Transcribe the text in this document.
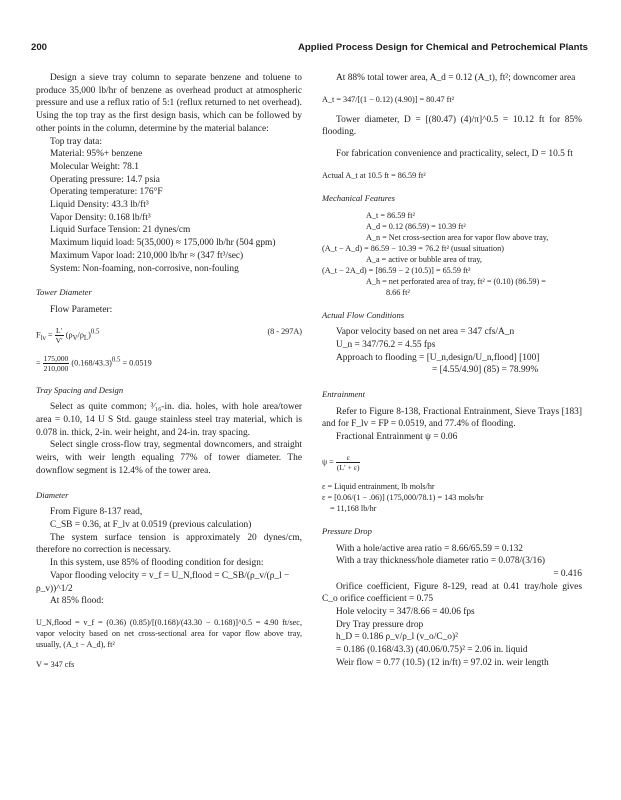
200	Applied Process Design for Chemical and Petrochemical Plants

Design a sieve tray column to separate benzene and toluene to produce 35,000 lb/hr of benzene as overhead product at atmospheric pressure and use a reflux ratio of 5:1 (reflux returned to net overhead). Using the top tray as the first design basis, which can be followed by other points in the column, determine by the material balance:

Top tray data:

Material: 95%+ benzene

Molecular Weight: 78.1

Operating pressure: 14.7 psia

Operating temperature: 176°F

Liquid Density: 43.3 lb/ft³

Vapor Density: 0.168 lb/ft³

Liquid Surface Tension: 21 dynes/cm

Maximum liquid load: 5(35,000) ≈ 175,000 lb/hr (504 gpm)

Maximum Vapor load: 210,000 lb/hr ≈ (347 ft³/sec)

System: Non-foaming, non-corrosive, non-fouling

Tower Diameter

Flow Parameter:

$F_{lv} = \frac{L'}{V'} (\rho_V/\rho_L)^{0.5}$	(8 - 297A)
= $\frac{175,000}{210,000} (0.168/43.3)^{0.5} = 0.0519$

Tray Spacing and Design

Select as quite common; ³⁄₁₆-in. dia. holes, with hole area/tower area = 0.10, 14 U S Std. gauge stainless steel tray material, which is 0.078 in. thick, 2-in. weir height, and 24-in. tray spacing.

Select single cross-flow tray, segmental downcomers, and straight weirs, with weir length equaling 77% of tower diameter. The downflow segment is 12.4% of the tower area.

Diameter

From Figure 8-137 read,

C_SB = 0.36, at F_lv at 0.0519 (previous calculation)

The system surface tension is approximately 20 dynes/cm, therefore no correction is necessary.

In this system, use 85% of flooding condition for design:

Vapor flooding velocity = v_f = U_N,flood = C_SB/(ρ_v/(ρ_l − ρ_v))^1/2

At 85% flood:

U_N,flood = v_f = (0.36) (0.85)/[(0.168)/(43.30 − 0.168)]^0.5 = 4.90 ft/sec, vapor velocity based on net cross-sectional area for vapor flow above tray, usually, (A_t − A_d), ft²

V = 347 cfs

At 88% total tower area, A_d = 0.12 (A_t), ft²; downcomer area

A_t = 347/[(1 − 0.12) (4.90)] = 80.47 ft²

Tower diameter, D = [(80.47) (4)/π]^0.5 = 10.12 ft for 85% flooding.

For fabrication convenience and practicality, select, D = 10.5 ft

Actual A_t at 10.5 ft = 86.59 ft²

Mechanical Features

A_t = 86.59 ft²

A_d = 0.12 (86.59) = 10.39 ft²

A_n = Net cross-section area for vapor flow above tray,

(A_t − A_d) = 86.59 − 10.39 = 76.2 ft² (usual situation)

A_a = active or bubble area of tray,

(A_t − 2A_d) = [86.59 − 2 (10.5)] = 65.59 ft²

A_h = net perforated area of tray, ft² = (0.10) (86.59) =

8.66 ft²

Actual Flow Conditions

Vapor velocity based on net area = 347 cfs/A_n

U_n = 347/76.2 = 4.55 fps

Approach to flooding = [U_n,design/U_n,flood] [100]

= [4.55/4.90] (85) = 78.99%

Entrainment

Refer to Figure 8-138, Fractional Entrainment, Sieve Trays [183] and for F_lv = FP = 0.0519, and 77.4% of flooding.

Fractional Entrainment ψ = 0.06

$\psi = \frac{\varepsilon}{(L' + \varepsilon)}$

ε = Liquid entrainment, lb mols/hr

ε = [0.06/(1 − .06)] (175,000/78.1) = 143 mols/hr

= 11,168 lb/hr

Pressure Drop

With a hole/active area ratio = 8.66/65.59 = 0.132

With a tray thickness/hole diameter ratio = 0.078/(3/16)

= 0.416

Orifice coefficient, Figure 8-129, read at 0.41 tray/hole gives C_o orifice coefficient = 0.75

Hole velocity = 347/8.66 = 40.06 fps

Dry Tray pressure drop

h_D = 0.186 ρ_v/ρ_l (v_o/C_o)²

= 0.186 (0.168/43.3) (40.06/0.75)² = 2.06 in. liquid

Weir flow = 0.77 (10.5) (12 in/ft) = 97.02 in. weir length
